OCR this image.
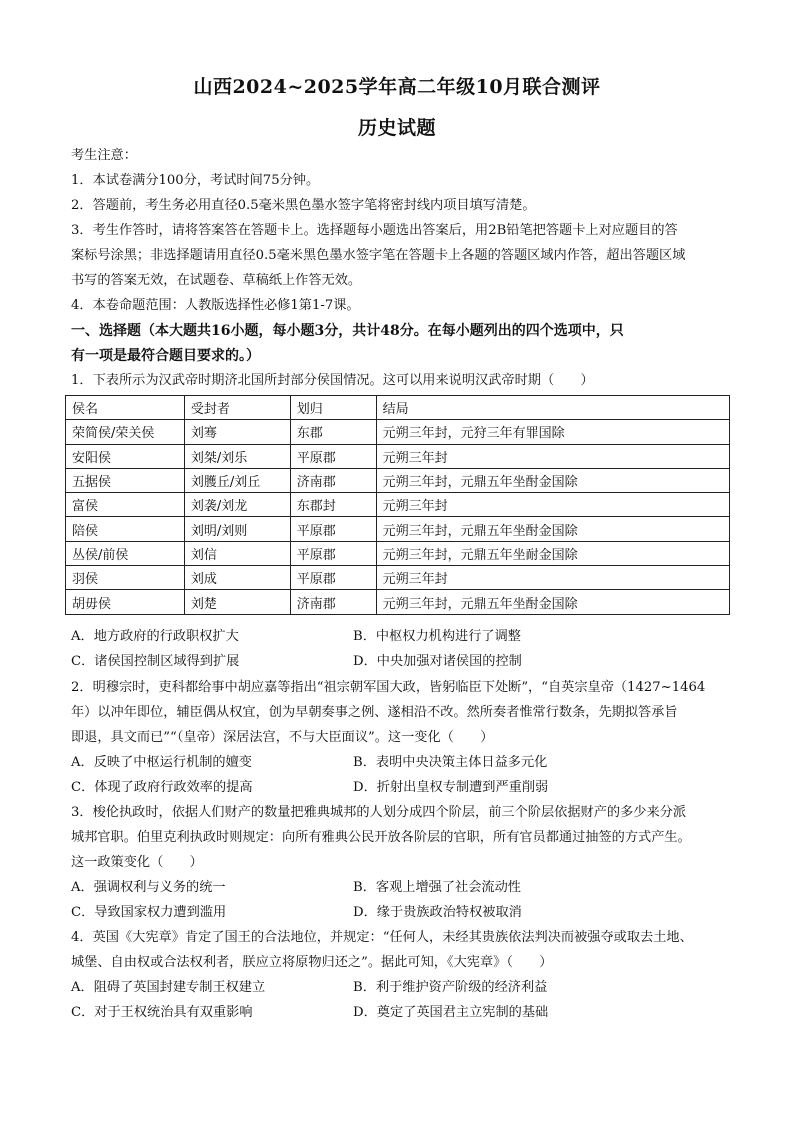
山西2024~2025学年高二年级10月联合测评
历史试题
考生注意：
1．本试卷满分100分，考试时间75分钟。
2．答题前，考生务必用直径0.5毫米黑色墨水签字笔将密封线内项目填写清楚。
3．考生作答时，请将答案答在答题卡上。选择题每小题选出答案后，用2B铅笔把答题卡上对应题目的答
案标号涂黑；非选择题请用直径0.5毫米黑色墨水签字笔在答题卡上各题的答题区域内作答，超出答题区域
书写的答案无效，在试题卷、草稿纸上作答无效。
4．本卷命题范围：人教版选择性必修1第1-7课。
一、选择题（本大题共16小题，每小题3分，共计48分。在每小题列出的四个选项中，只
有一项是最符合题目要求的。）
1．下表所示为汉武帝时期济北国所封部分侯国情况。这可以用来说明汉武帝时期（　　）
侯名	受封者	划归	结局
荣简侯/荣关侯	刘骞	东郡	元朔三年封，元狩三年有罪国除
安阳侯	刘桀/刘乐	平原郡	元朔三年封
五据侯	刘臒丘/刘丘	济南郡	元朔三年封，元鼎五年坐酎金国除
富侯	刘袭/刘龙	东郡封	元朔三年封
陪侯	刘明/刘则	平原郡	元朔三年封，元鼎五年坐酎金国除
丛侯/前侯	刘信	平原郡	元朔三年封，元鼎五年坐耐金国除
羽侯	刘成	平原郡	元朔三年封
胡毋侯	刘楚	济南郡	元朔三年封，元鼎五年坐酎金国除
A．地方政府的行政职权扩大	B．中枢权力机构进行了调整
C．诸侯国控制区域得到扩展	D．中央加强对诸侯国的控制
2．明穆宗时，吏科都给事中胡应嘉等指出“祖宗朝军国大政，皆躬临臣下处断”，“自英宗皇帝（1427~1464
年）以冲年即位，辅臣偶从权宜，创为早朝奏事之例、遂相沿不改。然所奏者惟常行数条，先期拟答承旨
即退，具文而已”“（皇帝）深居法宫，不与大臣面议”。这一变化（　　）
A．反映了中枢运行机制的嬗变	B．表明中央决策主体日益多元化
C．体现了政府行政效率的提高	D．折射出皇权专制遭到严重削弱
3．梭伦执政时，依据人们财产的数量把雅典城邦的人划分成四个阶层，前三个阶层依据财产的多少来分派
城邦官职。伯里克利执政时则规定：向所有雅典公民开放各阶层的官职，所有官员都通过抽签的方式产生。
这一政策变化（　　）
A．强调权利与义务的统一	B．客观上增强了社会流动性
C．导致国家权力遭到滥用	D．缘于贵族政治特权被取消
4．英国《大宪章》肯定了国王的合法地位，并规定：“任何人，未经其贵族依法判决而被强夺或取去土地、
城堡、自由权或合法权利者，朕应立将原物归还之”。据此可知，《大宪章》（　　）
A．阻碍了英国封建专制王权建立	B．利于维护资产阶级的经济利益
C．对于王权统治具有双重影响	D．奠定了英国君主立宪制的基础
